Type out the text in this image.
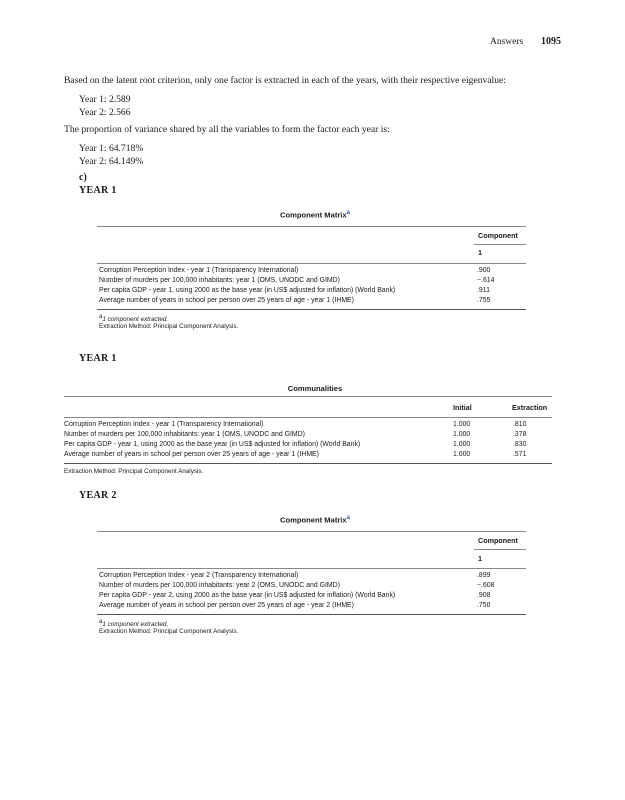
Answers 1095
Based on the latent root criterion, only one factor is extracted in each of the years, with their respective eigenvalue:
Year 1: 2.589
Year 2: 2.566
The proportion of variance shared by all the variables to form the factor each year is:
Year 1: 64.718%
Year 2: 64.149%
c)
YEAR 1
Component Matrix$^a$
Component
1
Corruption Perception Index - year 1 (Transparency International)	.900
Number of murders per 100,000 inhabitants: year 1 (OMS, UNODC and GIMD)	−.614
Per capita GDP - year 1, using 2000 as the base year (in US$ adjusted for inflation) (World Bank)	.911
Average number of years in school per person over 25 years of age - year 1 (IHME)	.755
a1 component extracted.
Extraction Method: Principal Component Analysis.
YEAR 1
Communalities
Initial	Extraction
Corruption Perception Index - year 1 (Transparency International)	1.000	.810
Number of murders per 100,000 inhabitants: year 1 (OMS, UNODC and GIMD)	1.000	.378
Per capita GDP - year 1, using 2000 as the base year (in US$ adjusted for inflation) (World Bank)	1.000	.830
Average number of years in school per person over 25 years of age - year 1 (IHME)	1.000	.571
Extraction Method: Principal Component Analysis.
YEAR 2
Component Matrix$^a$
Component
1
Corruption Perception Index - year 2 (Transparency International)	.899
Number of murders per 100,000 inhabitants: year 2 (OMS, UNODC and GIMD)	−.608
Per capita GDP - year 2, using 2000 as the base year (in US$ adjusted for inflation) (World Bank)	.908
Average number of years in school per person over 25 years of age - year 2 (IHME)	.750
a1 component extracted.
Extraction Method: Principal Component Analysis.
